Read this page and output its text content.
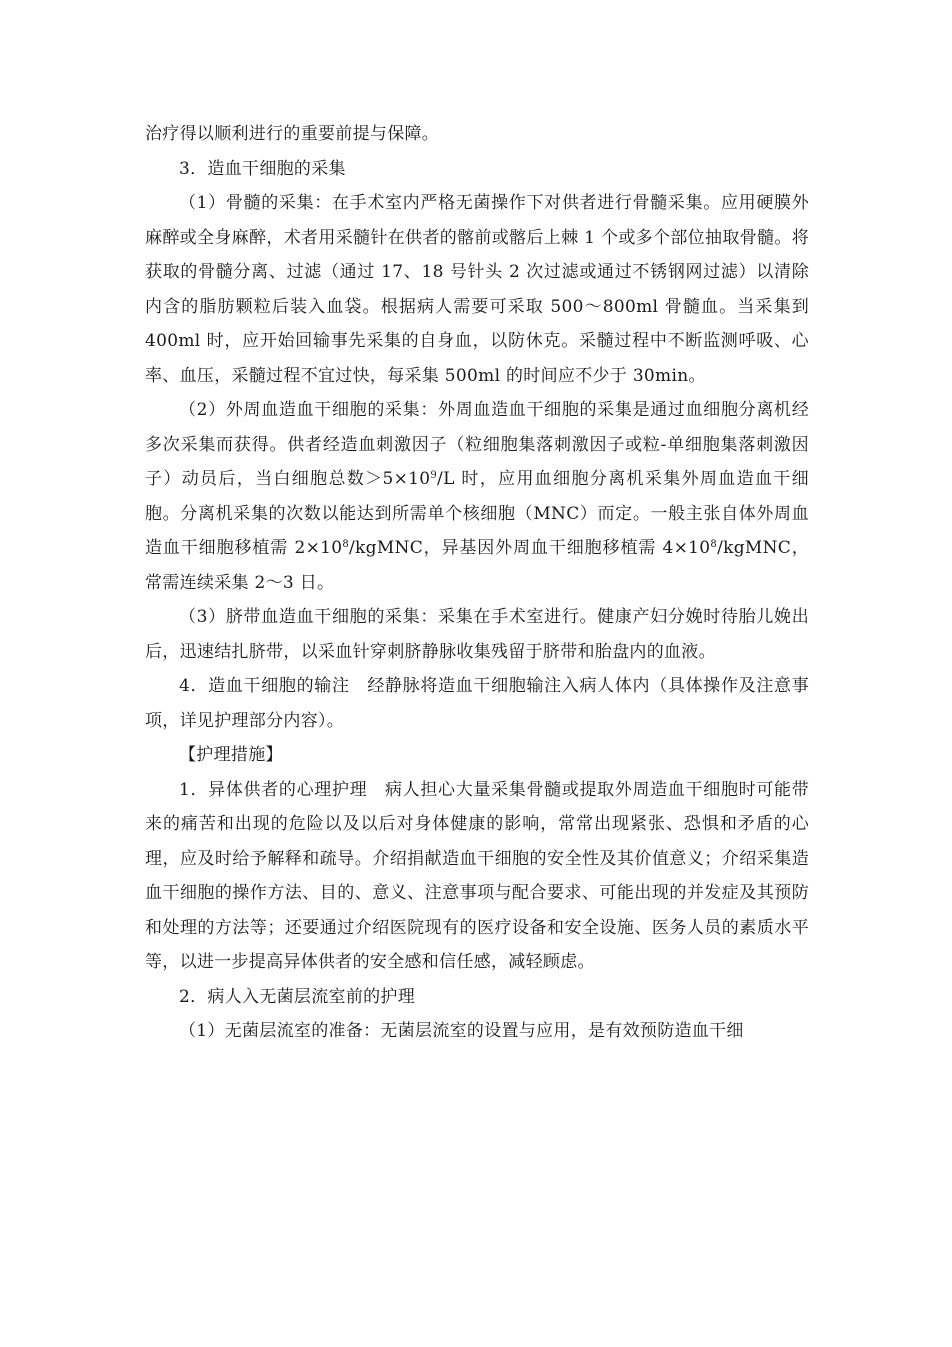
治疗得以顺利进行的重要前提与保障。

3．造血干细胞的采集

（1）骨髓的采集：在手术室内严格无菌操作下对供者进行骨髓采集。应用硬膜外麻醉或全身麻醉，术者用采髓针在供者的髂前或髂后上棘 1 个或多个部位抽取骨髓。将获取的骨髓分离、过滤（通过 17、18 号针头 2 次过滤或通过不锈钢网过滤）以清除内含的脂肪颗粒后装入血袋。根据病人需要可采取 500～800ml 骨髓血。当采集到 400ml 时，应开始回输事先采集的自身血，以防休克。采髓过程中不断监测呼吸、心率、血压，采髓过程不宜过快，每采集 500ml 的时间应不少于 30min。

（2）外周血造血干细胞的采集：外周血造血干细胞的采集是通过血细胞分离机经多次采集而获得。供者经造血刺激因子（粒细胞集落刺激因子或粒-单细胞集落刺激因子）动员后，当白细胞总数$>5\times 10^9/L$ 时，应用血细胞分离机采集外周血造血干细胞。分离机采集的次数以能达到所需单个核细胞（MNC）而定。一般主张自体外周血造血干细胞移植需 $2\times 10^8$/kgMNC，异基因外周血干细胞移植需 $4\times 10^8$/kgMNC，常需连续采集 2～3 日。

（3）脐带血造血干细胞的采集：采集在手术室进行。健康产妇分娩时待胎儿娩出后，迅速结扎脐带，以采血针穿刺脐静脉收集残留于脐带和胎盘内的血液。

4．造血干细胞的输注　经静脉将造血干细胞输注入病人体内（具体操作及注意事项，详见护理部分内容）。

【护理措施】

1．异体供者的心理护理　病人担心大量采集骨髓或提取外周造血干细胞时可能带来的痛苦和出现的危险以及以后对身体健康的影响，常常出现紧张、恐惧和矛盾的心理，应及时给予解释和疏导。介绍捐献造血干细胞的安全性及其价值意义；介绍采集造血干细胞的操作方法、目的、意义、注意事项与配合要求、可能出现的并发症及其预防和处理的方法等；还要通过介绍医院现有的医疗设备和安全设施、医务人员的素质水平等，以进一步提高异体供者的安全感和信任感，减轻顾虑。

2．病人入无菌层流室前的护理

（1）无菌层流室的准备：无菌层流室的设置与应用，是有效预防造血干细
